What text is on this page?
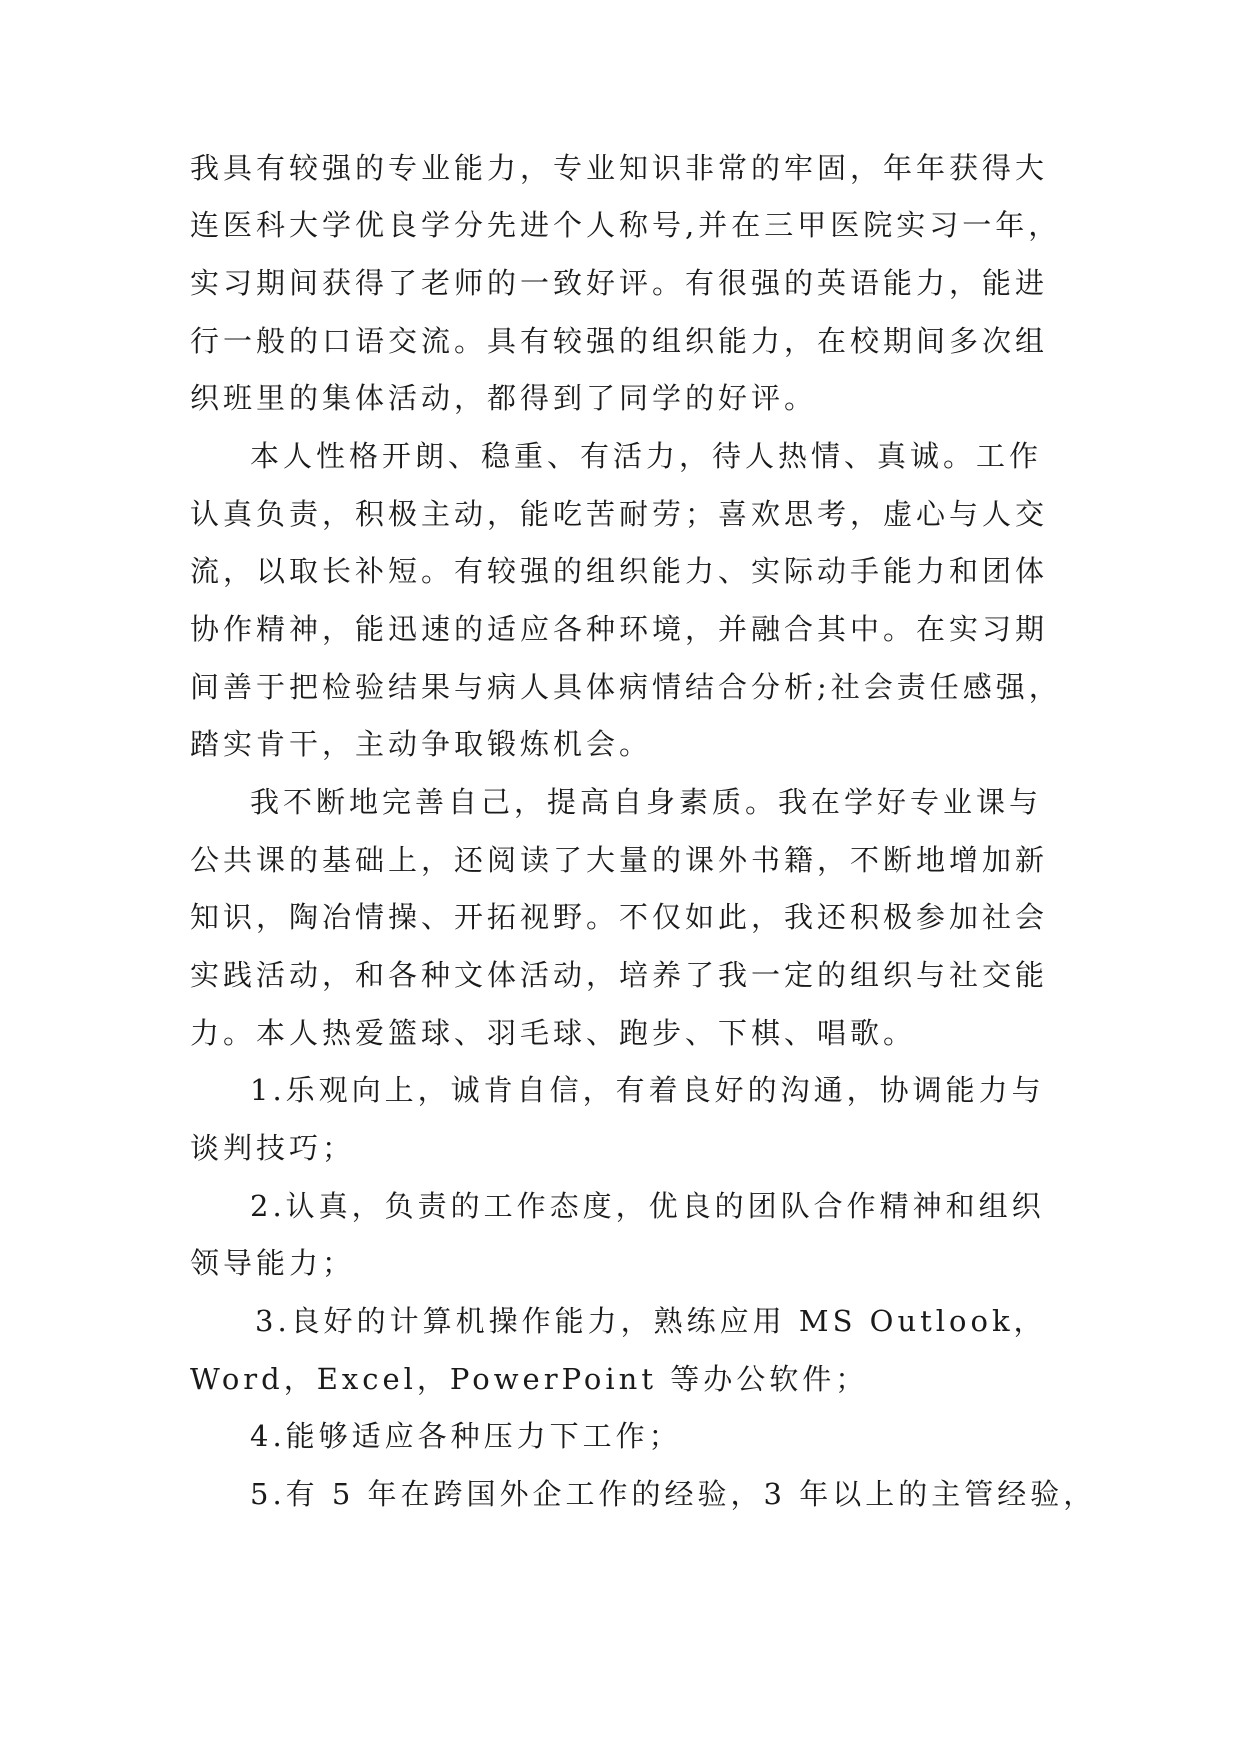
我具有较强的专业能力，专业知识非常的牢固，年年获得大
连医科大学优良学分先进个人称号,并在三甲医院实习一年，
实习期间获得了老师的一致好评。有很强的英语能力，能进
行一般的口语交流。具有较强的组织能力，在校期间多次组
织班里的集体活动，都得到了同学的好评。
本人性格开朗、稳重、有活力，待人热情、真诚。工作
认真负责，积极主动，能吃苦耐劳；喜欢思考，虚心与人交
流，以取长补短。有较强的组织能力、实际动手能力和团体
协作精神，能迅速的适应各种环境，并融合其中。在实习期
间善于把检验结果与病人具体病情结合分析;社会责任感强，
踏实肯干，主动争取锻炼机会。
我不断地完善自己，提高自身素质。我在学好专业课与
公共课的基础上，还阅读了大量的课外书籍，不断地增加新
知识，陶冶情操、开拓视野。不仅如此，我还积极参加社会
实践活动，和各种文体活动，培养了我一定的组织与社交能
力。本人热爱篮球、羽毛球、跑步、下棋、唱歌。
1.乐观向上，诚肯自信，有着良好的沟通，协调能力与
谈判技巧；
2.认真，负责的工作态度，优良的团队合作精神和组织
领导能力；
3.良好的计算机操作能力，熟练应用 MS Outlook，
Word，Excel，PowerPoint 等办公软件；
4.能够适应各种压力下工作；
5.有 5 年在跨国外企工作的经验，3 年以上的主管经验，
